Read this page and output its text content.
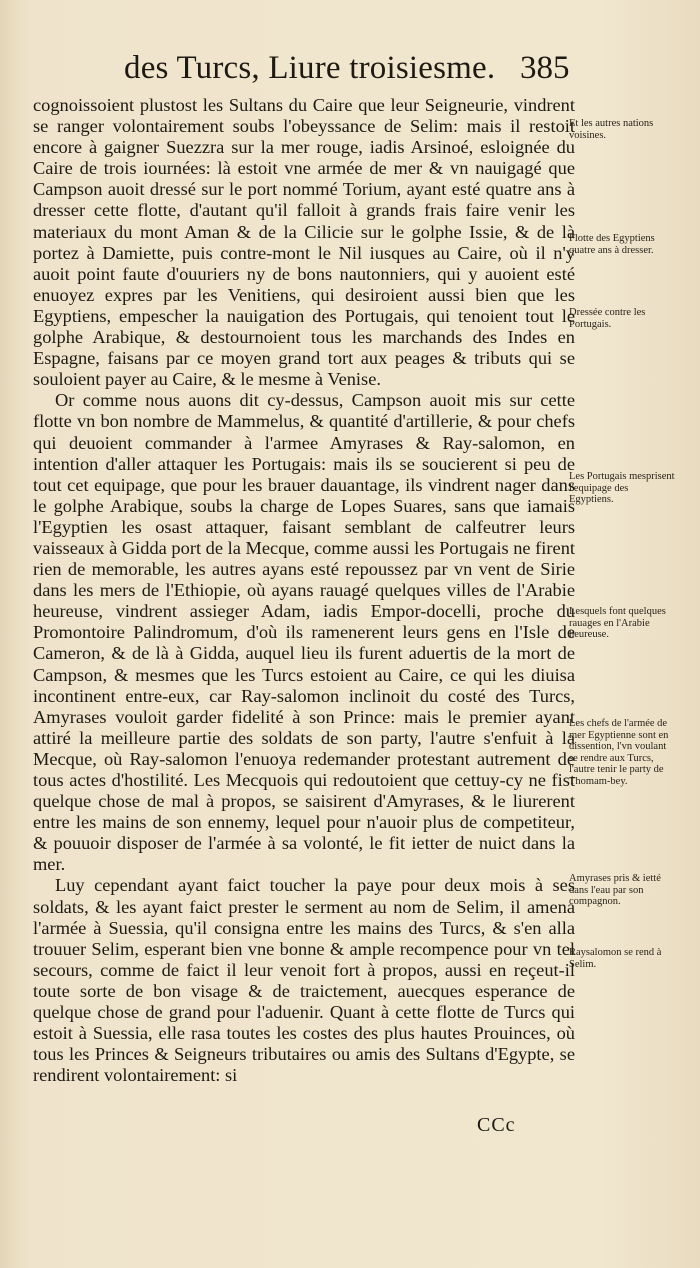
des Turcs, Liure troisiesme. 385

cognoissoient plustost les Sultans du Caire que leur Seigneurie, vindrent se ranger volontairement soubs l'obeyssance de Selim: mais il restoit encore à gaigner Suezzra sur la mer rouge, iadis Arsinoé, esloignée du Caire de trois iournées: là estoit vne armée de mer & vn nauigagé que Campson auoit dressé sur le port nommé Torium, ayant esté quatre ans à dresser cette flotte, d'autant qu'il falloit à grands frais faire venir les materiaux du mont Aman & de la Cilicie sur le golphe Issie, & de là portez à Damiette, puis contre-mont le Nil iusques au Caire, où il n'y auoit point faute d'ouuriers ny de bons nautonniers, qui y auoient esté enuoyez expres par les Venitiens, qui desiroient aussi bien que les Egyptiens, empescher la nauigation des Portugais, qui tenoient tout le golphe Arabique, & destournoient tous les marchands des Indes en Espagne, faisans par ce moyen grand tort aux peages & tributs qui se souloient payer au Caire, & le mesme à Venise.

Or comme nous auons dit cy-dessus, Campson auoit mis sur cette flotte vn bon nombre de Mammelus, & quantité d'artillerie, & pour chefs qui deuoient commander à l'armee Amyrases & Ray-salomon, en intention d'aller attaquer les Portugais: mais ils se soucierent si peu de tout cet equipage, que pour les brauer dauantage, ils vindrent nager dans le golphe Arabique, soubs la charge de Lopes Suares, sans que iamais l'Egyptien les osast attaquer, faisant semblant de calfeutrer leurs vaisseaux à Gidda port de la Mecque, comme aussi les Portugais ne firent rien de memorable, les autres ayans esté repoussez par vn vent de Sirie dans les mers de l'Ethiopie, où ayans rauagé quelques villes de l'Arabie heureuse, vindrent assieger Adam, iadis Empor-docelli, proche du Promontoire Palindromum, d'où ils ramenerent leurs gens en l'Isle de Cameron, & de là à Gidda, auquel lieu ils furent aduertis de la mort de Campson, & mesmes que les Turcs estoient au Caire, ce qui les diuisa incontinent entre-eux, car Ray-salomon inclinoit du costé des Turcs, Amyrases vouloit garder fidelité à son Prince: mais le premier ayant attiré la meilleure partie des soldats de son party, l'autre s'enfuit à la Mecque, où Ray-salomon l'enuoya redemander protestant autrement de tous actes d'hostilité. Les Mecquois qui redoutoient que cettuy-cy ne fist quelque chose de mal à propos, se saisirent d'Amyrases, & le liurerent entre les mains de son ennemy, lequel pour n'auoir plus de competiteur, & pouuoir disposer de l'armée à sa volonté, le fit ietter de nuict dans la mer.

Luy cependant ayant faict toucher la paye pour deux mois à ses soldats, & les ayant faict prester le serment au nom de Selim, il amena l'armée à Suessia, qu'il consigna entre les mains des Turcs, & s'en alla trouuer Selim, esperant bien vne bonne & ample recompence pour vn tel secours, comme de faict il leur venoit fort à propos, aussi en reçeut-il toute sorte de bon visage & de traictement, auecques esperance de quelque chose de grand pour l'aduenir. Quant à cette flotte de Turcs qui estoit à Suessia, elle rasa toutes les costes des plus hautes Prouinces, où tous les Princes & Seigneurs tributaires ou amis des Sultans d'Egypte, se rendirent volontairement: si

Et les autres nations voisines.
Flotte des Egyptiens quatre ans à dresser.
Dressée contre les Portugais.
Les Portugais mesprisent l'equipage des Egyptiens.
Lesquels font quelques rauages en l'Arabie heureuse.
Les chefs de l'armée de mer Egyptienne sont en dissention, l'vn voulant se rendre aux Turcs, l'autre tenir le party de Thomam-bey.
Amyrases pris & ietté dans l'eau par son compagnon.
Raysalomon se rend à Selim.
CCc
